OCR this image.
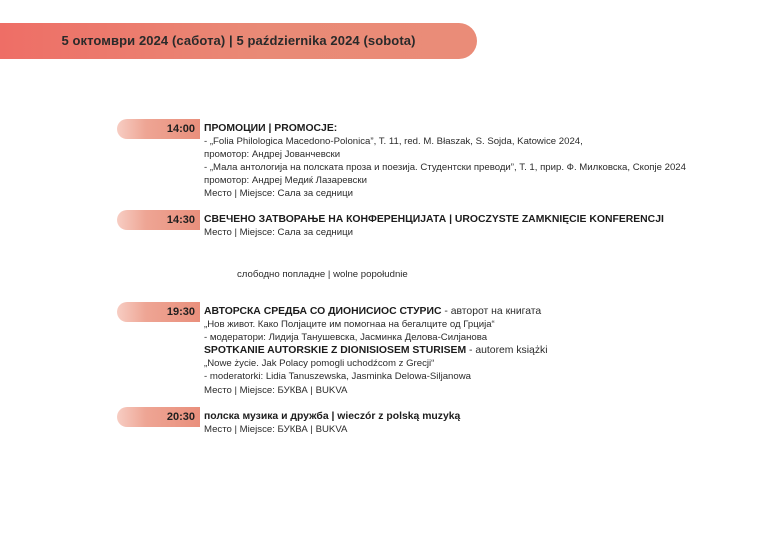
5 октомври 2024 (сабота) | 5 października 2024 (sobota)
14:00 ПРОМОЦИИ | PROMOCJE:
- „Folia Philologica Macedono-Polonica”, T. 11, red. M. Błaszak, S. Sojda, Katowice 2024,
промотор: Андреј Јованчевски
- „Мала антологија на полската проза и поезија. Студентски преводи”, Т. 1, прир. Ф. Милковска, Скопје 2024
промотор: Андреј Медиќ Лазаревски
Место | Miejsce: Сала за седници
14:30 СВЕЧЕНО ЗАТВОРАЊЕ НА КОНФЕРЕНЦИЈАТА | UROCZYSTE ZAMKNIĘCIE KONFERENCJI
Место | Miejsce: Сала за седници
слободно попладне | wolne popołudnie
19:30 АВТОРСКА СРЕДБА СО ДИОНИСИОС СТУРИС - авторот на книгата
„Нов живот. Како Полјаците им помогнаа на бегалците од Грција“
- модератори: Лидија Танушевска, Јасминка Делова-Силјанова
SPOTKANIE AUTORSKIE Z DIONISIOSEM STURISEM - autorem książki
„Nowe życie. Jak Polacy pomogli uchodźcom z Grecji“
- moderatorki: Lidia Tanuszewska, Jasminka Delowa-Siljanowa
Место | Miejsce: БУКВА | BUKVA
20:30 полска музика и дружба | wieczór z polską muzyką
Место | Miejsce: БУКВА | BUKVA
